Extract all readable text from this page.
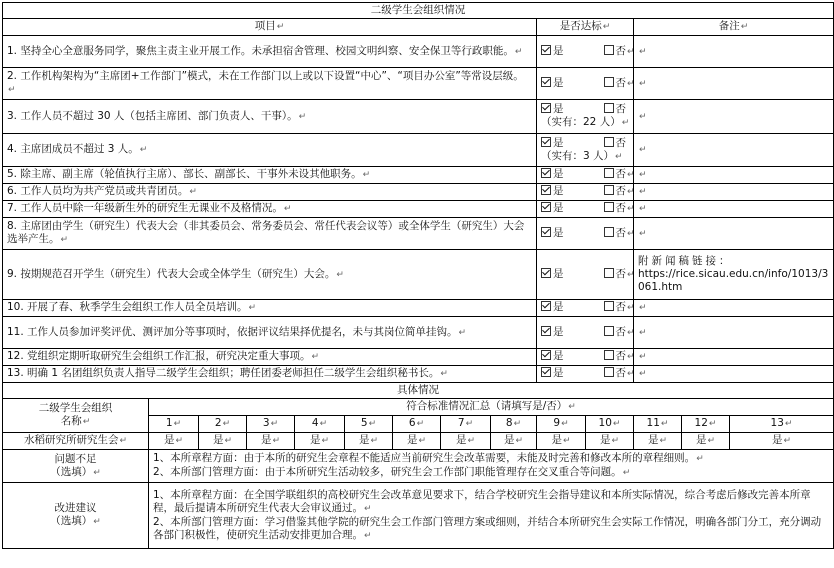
二级学生会组织情况													
项目↵									是否达标↵		备注↵		
1. 坚持全心全意服务同学，聚焦主责主业开展工作。未承担宿舍管理、校园文明纠察、安全保卫等行政职能。↵									是 否↵		↵		
2. 工作机构架构为“主席团+工作部门”模式，未在工作部门以上或以下设置“中心”、“项目办公室”等常设层级。↵									是 否↵		↵		
3. 工作人员不超过 30 人（包括主席团、部门负责人、干事）。↵									是 否
（实有：22 人）↵		↵		
4. 主席团成员不超过 3 人。↵									是 否
（实有：3 人）↵		↵		
5. 除主席、副主席（轮值执行主席）、部长、副部长、干事外未设其他职务。↵									是 否↵		↵		
6. 工作人员均为共产党员或共青团员。↵									是 否↵		↵		
7. 工作人员中除一年级新生外的研究生无课业不及格情况。↵									是 否↵		↵		
8. 主席团由学生（研究生）代表大会（非其委员会、常务委员会、常任代表会议等）或全体学生（研究生）大会选举产生。↵									是 否↵		↵		
9. 按期规范召开学生（研究生）代表大会或全体学生（研究生）大会。↵									是 否↵		附新闻稿链接：
https://rice.sicau.edu.cn/info/1013/3061.htm		
10. 开展了春、秋季学生会组织工作人员全员培训。↵									是 否↵		↵		
11. 工作人员参加评奖评优、测评加分等事项时，依据评议结果择优提名，未与其岗位简单挂钩。↵									是 否↵		↵		
12. 党组织定期听取研究生会组织工作汇报，研究决定重大事项。↵									是 否↵		↵		
13. 明确 1 名团组织负责人指导二级学生会组织；聘任团委老师担任二级学生会组织秘书长。↵									是 否↵		↵		
具体情况													
二级学生会组织
名称↵	符合标准情况汇总（请填写是/否）↵												
	1↵	2↵	3↵	4↵	5↵	6↵	7↵	8↵	9↵	10↵	11↵	12↵	13↵
水稻研究所研究生会↵	是↵	是↵	是↵	是↵	是↵	是↵	是↵	是↵	是↵	是↵	是↵	是↵	是↵
问题不足
（选填）↵	1、本所章程方面：由于本所的研究生会章程不能适应当前研究生会改革需要，未能及时完善和修改本所的章程细则。↵
2、本所部门管理方面：由于本所研究生活动较多，研究生会工作部门职能管理存在交叉重合等问题。↵												
改进建议
（选填）↵	1、本所章程方面：在全国学联组织的高校研究生会改革意见要求下，结合学校研究生会指导建议和本所实际情况，综合考虑后修改完善本所章程，最后提请本所研究生代表大会审议通过。↵
2、本所部门管理方面：学习借鉴其他学院的研究生会工作部门管理方案或细则，并结合本所研究生会实际工作情况，明确各部门分工，充分调动各部门积极性，使研究生活动安排更加合理。↵												
